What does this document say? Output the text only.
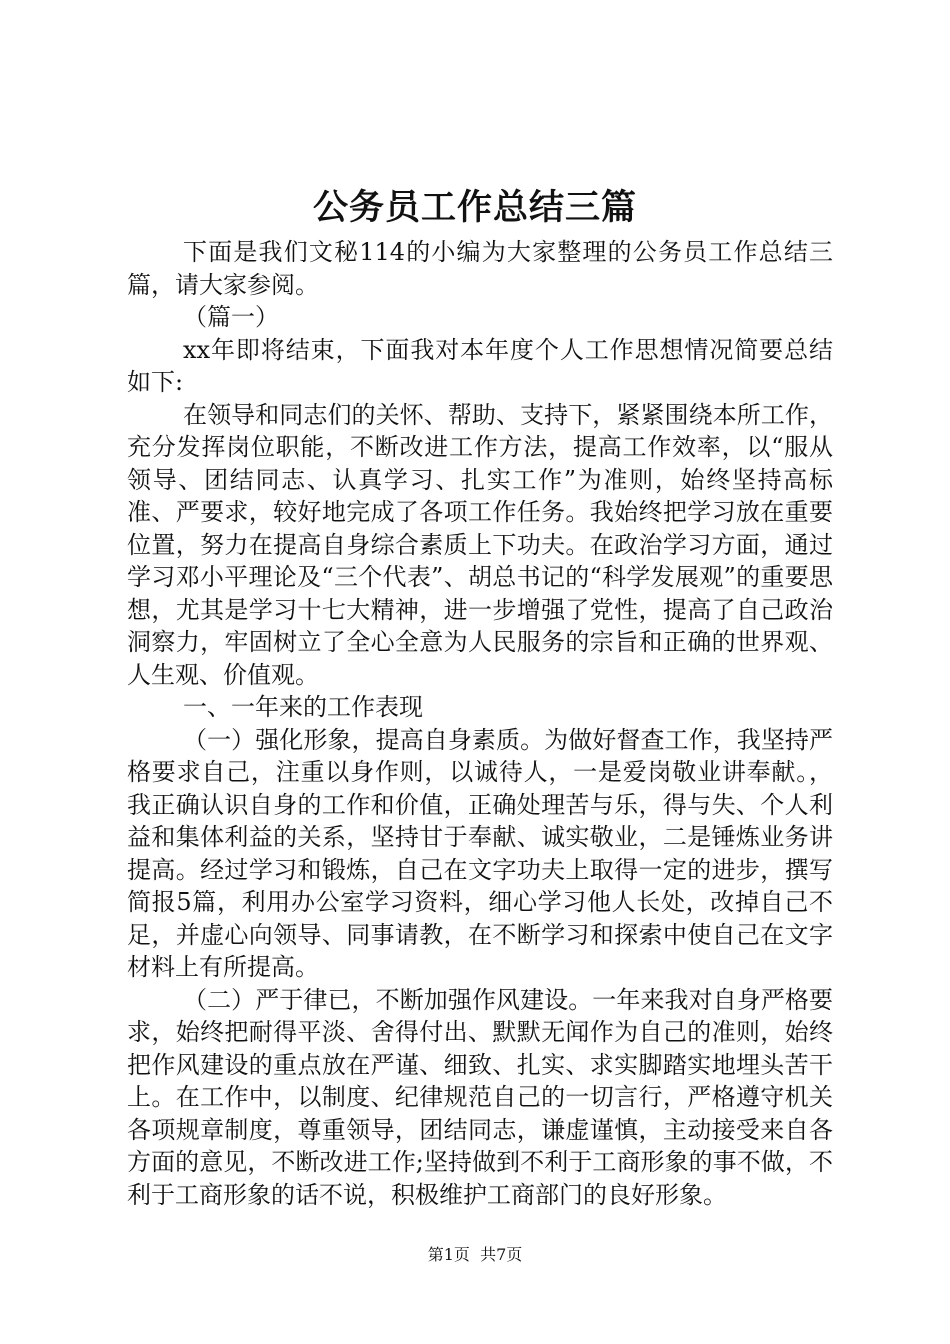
公务员工作总结三篇

下面是我们文秘114的小编为大家整理的公务员工作总结三篇，请大家参阅。

（篇一）

xx年即将结束，下面我对本年度个人工作思想情况简要总结如下:

在领导和同志们的关怀、帮助、支持下，紧紧围绕本所工作，充分发挥岗位职能，不断改进工作方法，提高工作效率，以“服从领导、团结同志、认真学习、扎实工作”为准则，始终坚持高标准、严要求，较好地完成了各项工作任务。我始终把学习放在重要位置，努力在提高自身综合素质上下功夫。在政治学习方面，通过学习邓小平理论及“三个代表”、胡总书记的“科学发展观”的重要思想，尤其是学习十七大精神，进一步增强了党性，提高了自己政治洞察力，牢固树立了全心全意为人民服务的宗旨和正确的世界观、人生观、价值观。

一、一年来的工作表现

（一）强化形象，提高自身素质。为做好督查工作，我坚持严格要求自己，注重以身作则，以诚待人，一是爱岗敬业讲奉献。，我正确认识自身的工作和价值，正确处理苦与乐，得与失、个人利益和集体利益的关系，坚持甘于奉献、诚实敬业，二是锤炼业务讲提高。经过学习和锻炼，自己在文字功夫上取得一定的进步，撰写简报5篇，利用办公室学习资料，细心学习他人长处，改掉自己不足，并虚心向领导、同事请教，在不断学习和探索中使自己在文字材料上有所提高。

（二）严于律已，不断加强作风建设。一年来我对自身严格要求，始终把耐得平淡、舍得付出、默默无闻作为自己的准则，始终把作风建设的重点放在严谨、细致、扎实、求实脚踏实地埋头苦干上。在工作中，以制度、纪律规范自己的一切言行，严格遵守机关各项规章制度，尊重领导，团结同志，谦虚谨慎，主动接受来自各方面的意见，不断改进工作;坚持做到不利于工商形象的事不做，不利于工商形象的话不说，积极维护工商部门的良好形象。

第1页 共7页
